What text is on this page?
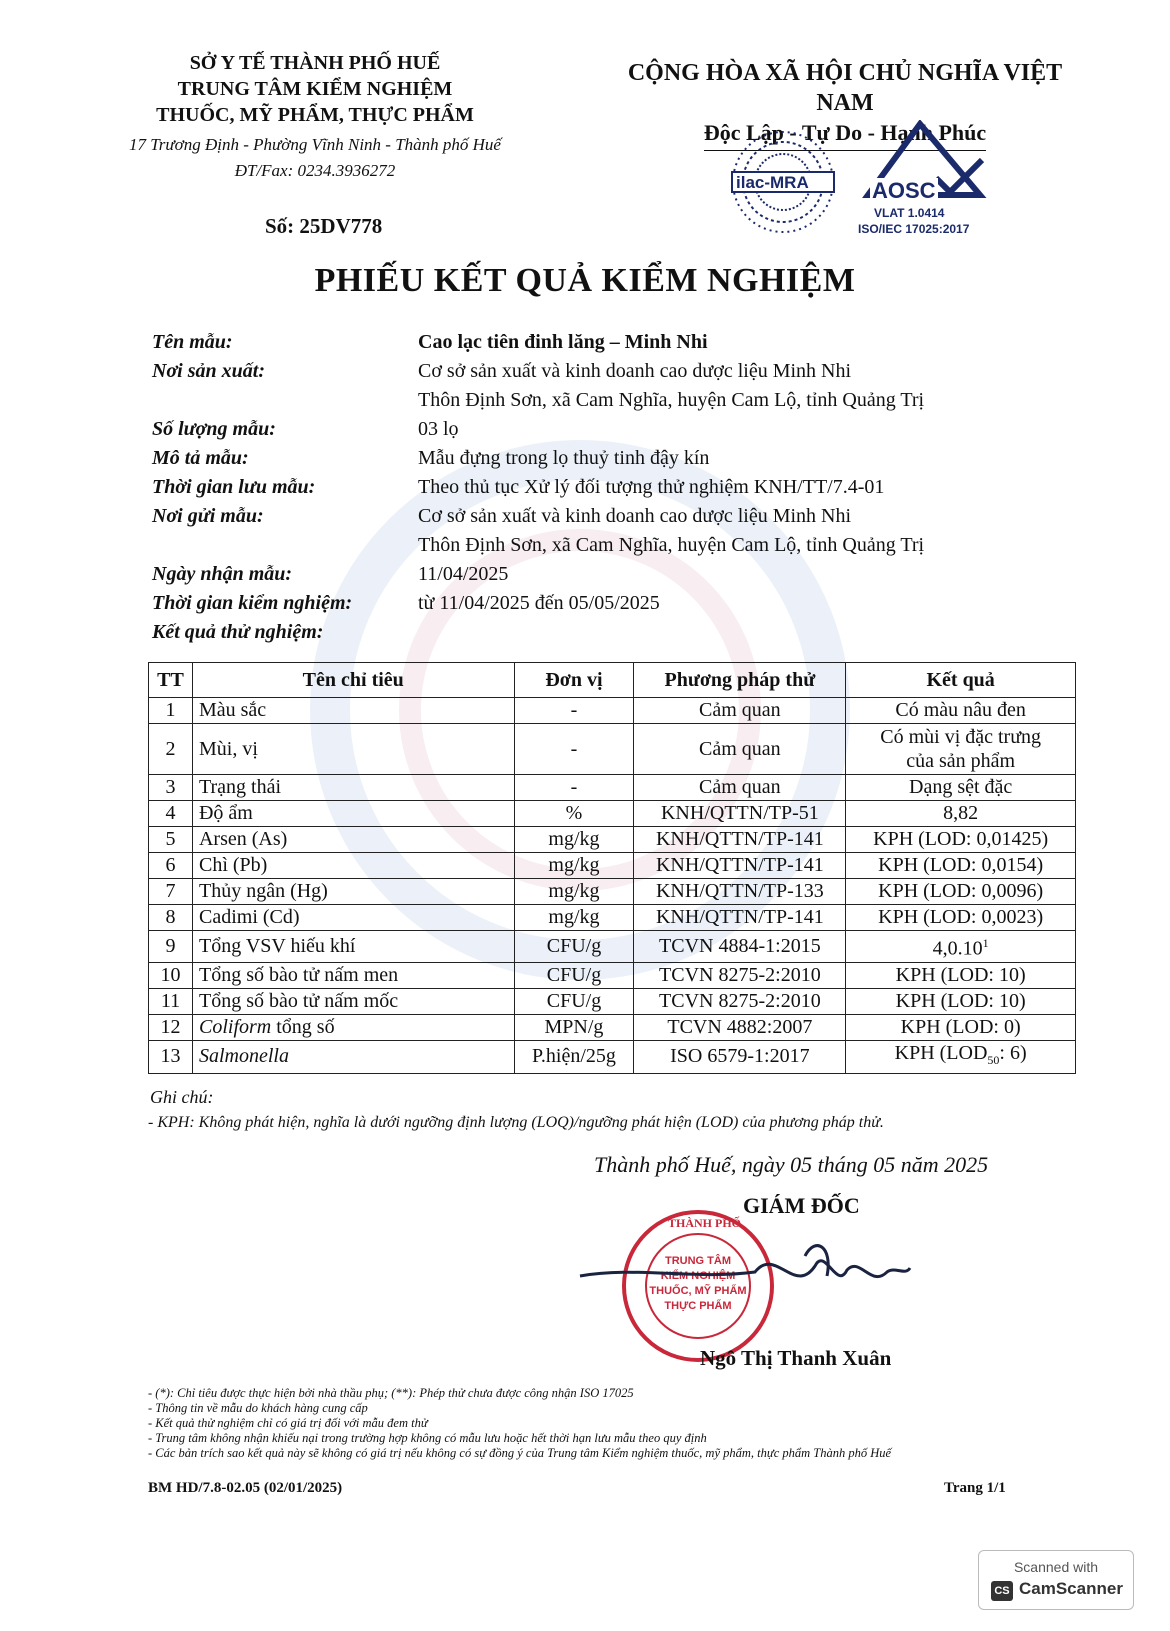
SỞ Y TẾ THÀNH PHỐ HUẾ
TRUNG TÂM KIỂM NGHIỆM
THUỐC, MỸ PHẨM, THỰC PHẨM
17 Trương Định - Phường Vĩnh Ninh - Thành phố Huế
ĐT/Fax: 0234.3936272
Số: 25DV778
CỘNG HÒA XÃ HỘI CHỦ NGHĨA VIỆT NAM
Độc Lập - Tự Do - Hạnh Phúc
ilac-MRA	AOSC
VLAT 1.0414
ISO/IEC 17025:2017
PHIẾU KẾT QUẢ KIỂM NGHIỆM
Tên mẫu:	Cao lạc tiên đinh lăng – Minh Nhi
Nơi sản xuất:	Cơ sở sản xuất và kinh doanh cao dược liệu Minh Nhi
Thôn Định Sơn, xã Cam Nghĩa, huyện Cam Lộ, tỉnh Quảng Trị
Số lượng mẫu:	03 lọ
Mô tả mẫu:	Mẫu đựng trong lọ thuỷ tinh đậy kín
Thời gian lưu mẫu:	Theo thủ tục Xử lý đối tượng thử nghiệm KNH/TT/7.4-01
Nơi gửi mẫu:	Cơ sở sản xuất và kinh doanh cao dược liệu Minh Nhi
Thôn Định Sơn, xã Cam Nghĩa, huyện Cam Lộ, tỉnh Quảng Trị
Ngày nhận mẫu:	11/04/2025
Thời gian kiểm nghiệm:	từ 11/04/2025 đến 05/05/2025
Kết quả thử nghiệm:
TT	Tên chỉ tiêu	Đơn vị	Phương pháp thử	Kết quả
1	Màu sắc	-	Cảm quan	Có màu nâu đen
2	Mùi, vị	-	Cảm quan	Có mùi vị đặc trưng
của sản phẩm
3	Trạng thái	-	Cảm quan	Dạng sệt đặc
4	Độ ẩm	%	KNH/QTTN/TP-51	8,82
5	Arsen (As)	mg/kg	KNH/QTTN/TP-141	KPH (LOD: 0,01425)
6	Chì (Pb)	mg/kg	KNH/QTTN/TP-141	KPH (LOD: 0,0154)
7	Thủy ngân (Hg)	mg/kg	KNH/QTTN/TP-133	KPH (LOD: 0,0096)
8	Cadimi (Cd)	mg/kg	KNH/QTTN/TP-141	KPH (LOD: 0,0023)
9	Tổng VSV hiếu khí	CFU/g	TCVN 4884-1:2015	4,0.10$^1$
10	Tổng số bào tử nấm men	CFU/g	TCVN 8275-2:2010	KPH (LOD: 10)
11	Tổng số bào tử nấm mốc	CFU/g	TCVN 8275-2:2010	KPH (LOD: 10)
12	Coliform tổng số	MPN/g	TCVN 4882:2007	KPH (LOD: 0)
13	Salmonella	P.hiện/25g	ISO 6579-1:2017	KPH ($LOD_{50}$: 6)
Ghi chú:
- KPH: Không phát hiện, nghĩa là dưới ngưỡng định lượng (LOQ)/ngưỡng phát hiện (LOD) của phương pháp thử.
Thành phố Huế, ngày 05 tháng 05 năm 2025
GIÁM ĐỐC
THÀNH PHỐ
TRUNG TÂM
KIỂM NGHIỆM
THUỐC, MỸ PHẨM
THỰC PHẨM
Ngô Thị Thanh Xuân
- (*): Chỉ tiêu được thực hiện bởi nhà thầu phụ; (**): Phép thử chưa được công nhận ISO 17025
- Thông tin về mẫu do khách hàng cung cấp
- Kết quả thử nghiệm chỉ có giá trị đối với mẫu đem thử
- Trung tâm không nhận khiếu nại trong trường hợp không có mẫu lưu hoặc hết thời hạn lưu mẫu theo quy định
- Các bản trích sao kết quả này sẽ không có giá trị nếu không có sự đồng ý của Trung tâm Kiểm nghiệm thuốc, mỹ phẩm, thực phẩm Thành phố Huế
BM HD/7.8-02.05 (02/01/2025)	Trang 1/1
Scanned with
CS CamScanner
